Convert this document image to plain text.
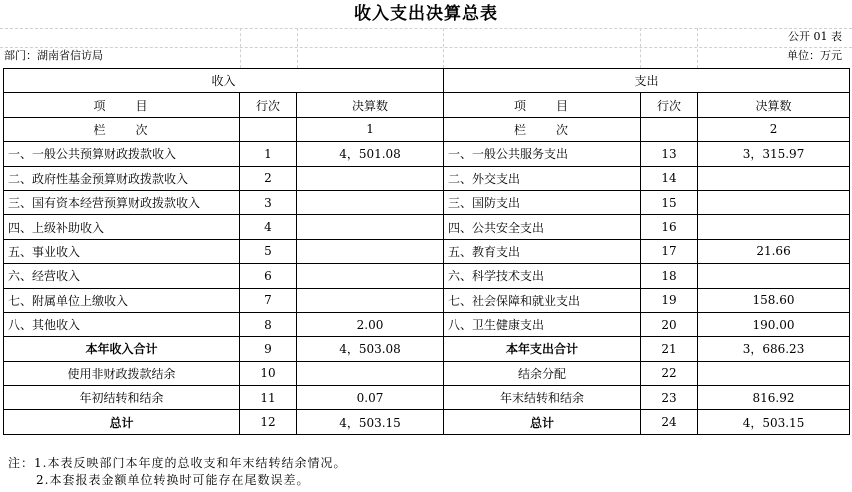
收入支出决算总表
公开 01 表
部门：湖南省信访局	单位：万元
收入			支出		
项　　目	行次	决算数	项　　目	行次	决算数
栏　　次		1	栏　　次		2
一、一般公共预算财政拨款收入	1	4，501.08	一、一般公共服务支出	13	3，315.97
二、政府性基金预算财政拨款收入	2		二、外交支出	14	
三、国有资本经营预算财政拨款收入	3		三、国防支出	15	
四、上级补助收入	4		四、公共安全支出	16	
五、事业收入	5		五、教育支出	17	21.66
六、经营收入	6		六、科学技术支出	18	
七、附属单位上缴收入	7		七、社会保障和就业支出	19	158.60
八、其他收入	8	2.00	八、卫生健康支出	20	190.00
本年收入合计	9	4，503.08	本年支出合计	21	3，686.23
使用非财政拨款结余	10		结余分配	22	
年初结转和结余	11	0.07	年末结转和结余	23	816.92
总计	12	4，503.15	总计	24	4，503.15
注：1.本表反映部门本年度的总收支和年末结转结余情况。
2.本套报表金额单位转换时可能存在尾数误差。
